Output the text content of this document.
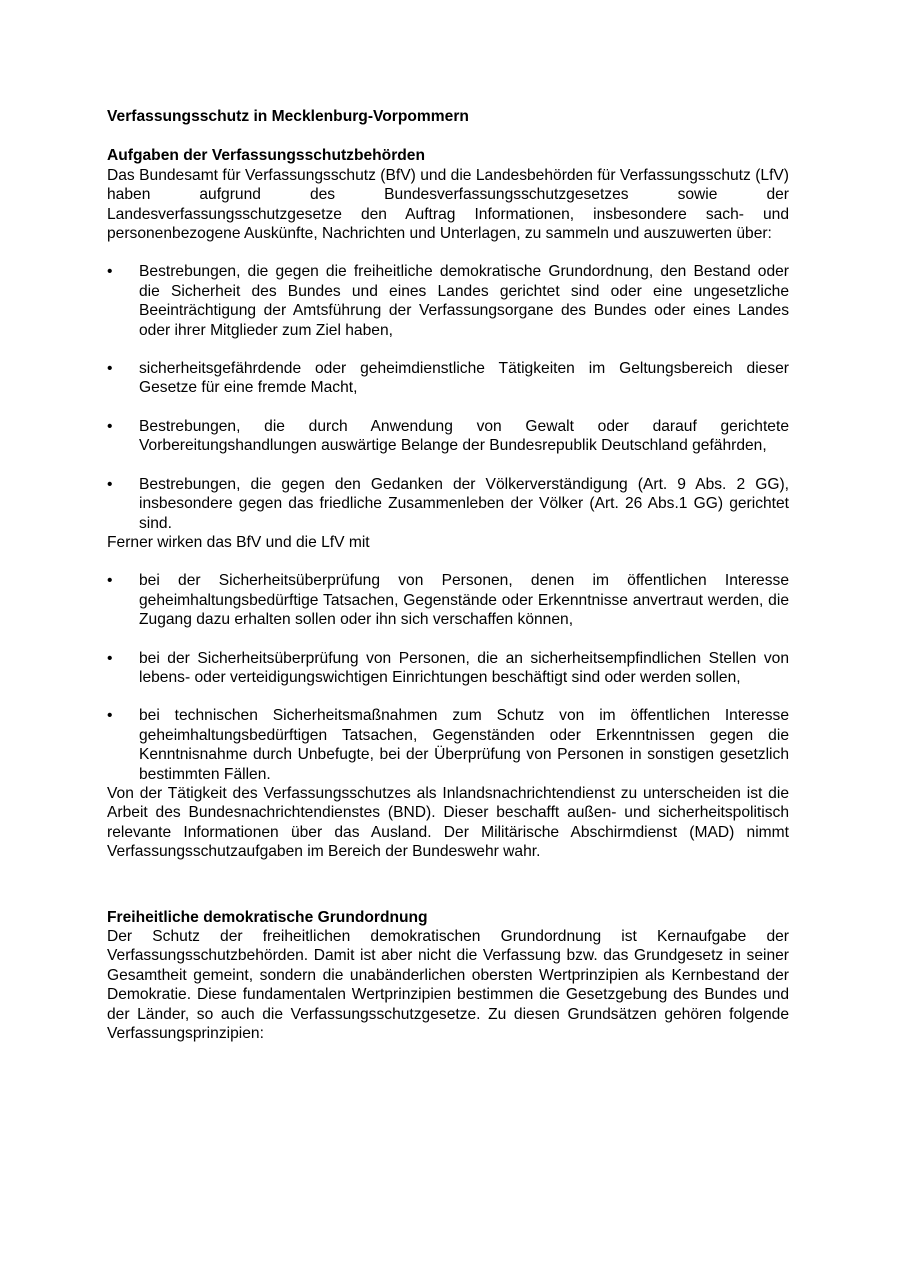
Verfassungsschutz in Mecklenburg-Vorpommern

Aufgaben der Verfassungsschutzbehörden

Das Bundesamt für Verfassungsschutz (BfV) und die Landesbehörden für Verfassungsschutz (LfV) haben aufgrund des Bundesverfassungsschutzgesetzes sowie der Landesverfassungsschutzgesetze den Auftrag Informationen, insbesondere sach- und personenbezogene Auskünfte, Nachrichten und Unterlagen, zu sammeln und auszuwerten über:

• Bestrebungen, die gegen die freiheitliche demokratische Grundordnung, den Bestand oder die Sicherheit des Bundes und eines Landes gerichtet sind oder eine ungesetzliche Beeinträchtigung der Amtsführung der Verfassungsorgane des Bundes oder eines Landes oder ihrer Mitglieder zum Ziel haben,
• sicherheitsgefährdende oder geheimdienstliche Tätigkeiten im Geltungsbereich dieser Gesetze für eine fremde Macht,
• Bestrebungen, die durch Anwendung von Gewalt oder darauf gerichtete Vorbereitungshandlungen auswärtige Belange der Bundesrepublik Deutschland gefährden,
• Bestrebungen, die gegen den Gedanken der Völkerverständigung (Art. 9 Abs. 2 GG), insbesondere gegen das friedliche Zusammenleben der Völker (Art. 26 Abs.1 GG) gerichtet sind.

Ferner wirken das BfV und die LfV mit

• bei der Sicherheitsüberprüfung von Personen, denen im öffentlichen Interesse geheimhaltungsbedürftige Tatsachen, Gegenstände oder Erkenntnisse anvertraut werden, die Zugang dazu erhalten sollen oder ihn sich verschaffen können,
• bei der Sicherheitsüberprüfung von Personen, die an sicherheitsempfindlichen Stellen von lebens- oder verteidigungswichtigen Einrichtungen beschäftigt sind oder werden sollen,
• bei technischen Sicherheitsmaßnahmen zum Schutz von im öffentlichen Interesse geheimhaltungsbedürftigen Tatsachen, Gegenständen oder Erkenntnissen gegen die Kenntnisnahme durch Unbefugte, bei der Überprüfung von Personen in sonstigen gesetzlich bestimmten Fällen.

Von der Tätigkeit des Verfassungsschutzes als Inlandsnachrichtendienst zu unterscheiden ist die Arbeit des Bundesnachrichtendienstes (BND). Dieser beschafft außen- und sicherheitspolitisch relevante Informationen über das Ausland. Der Militärische Abschirmdienst (MAD) nimmt Verfassungsschutzaufgaben im Bereich der Bundeswehr wahr.

Freiheitliche demokratische Grundordnung

Der Schutz der freiheitlichen demokratischen Grundordnung ist Kernaufgabe der Verfassungsschutzbehörden. Damit ist aber nicht die Verfassung bzw. das Grundgesetz in seiner Gesamtheit gemeint, sondern die unabänderlichen obersten Wertprinzipien als Kernbestand der Demokratie. Diese fundamentalen Wertprinzipien bestimmen die Gesetzgebung des Bundes und der Länder, so auch die Verfassungsschutzgesetze. Zu diesen Grundsätzen gehören folgende Verfassungsprinzipien:
